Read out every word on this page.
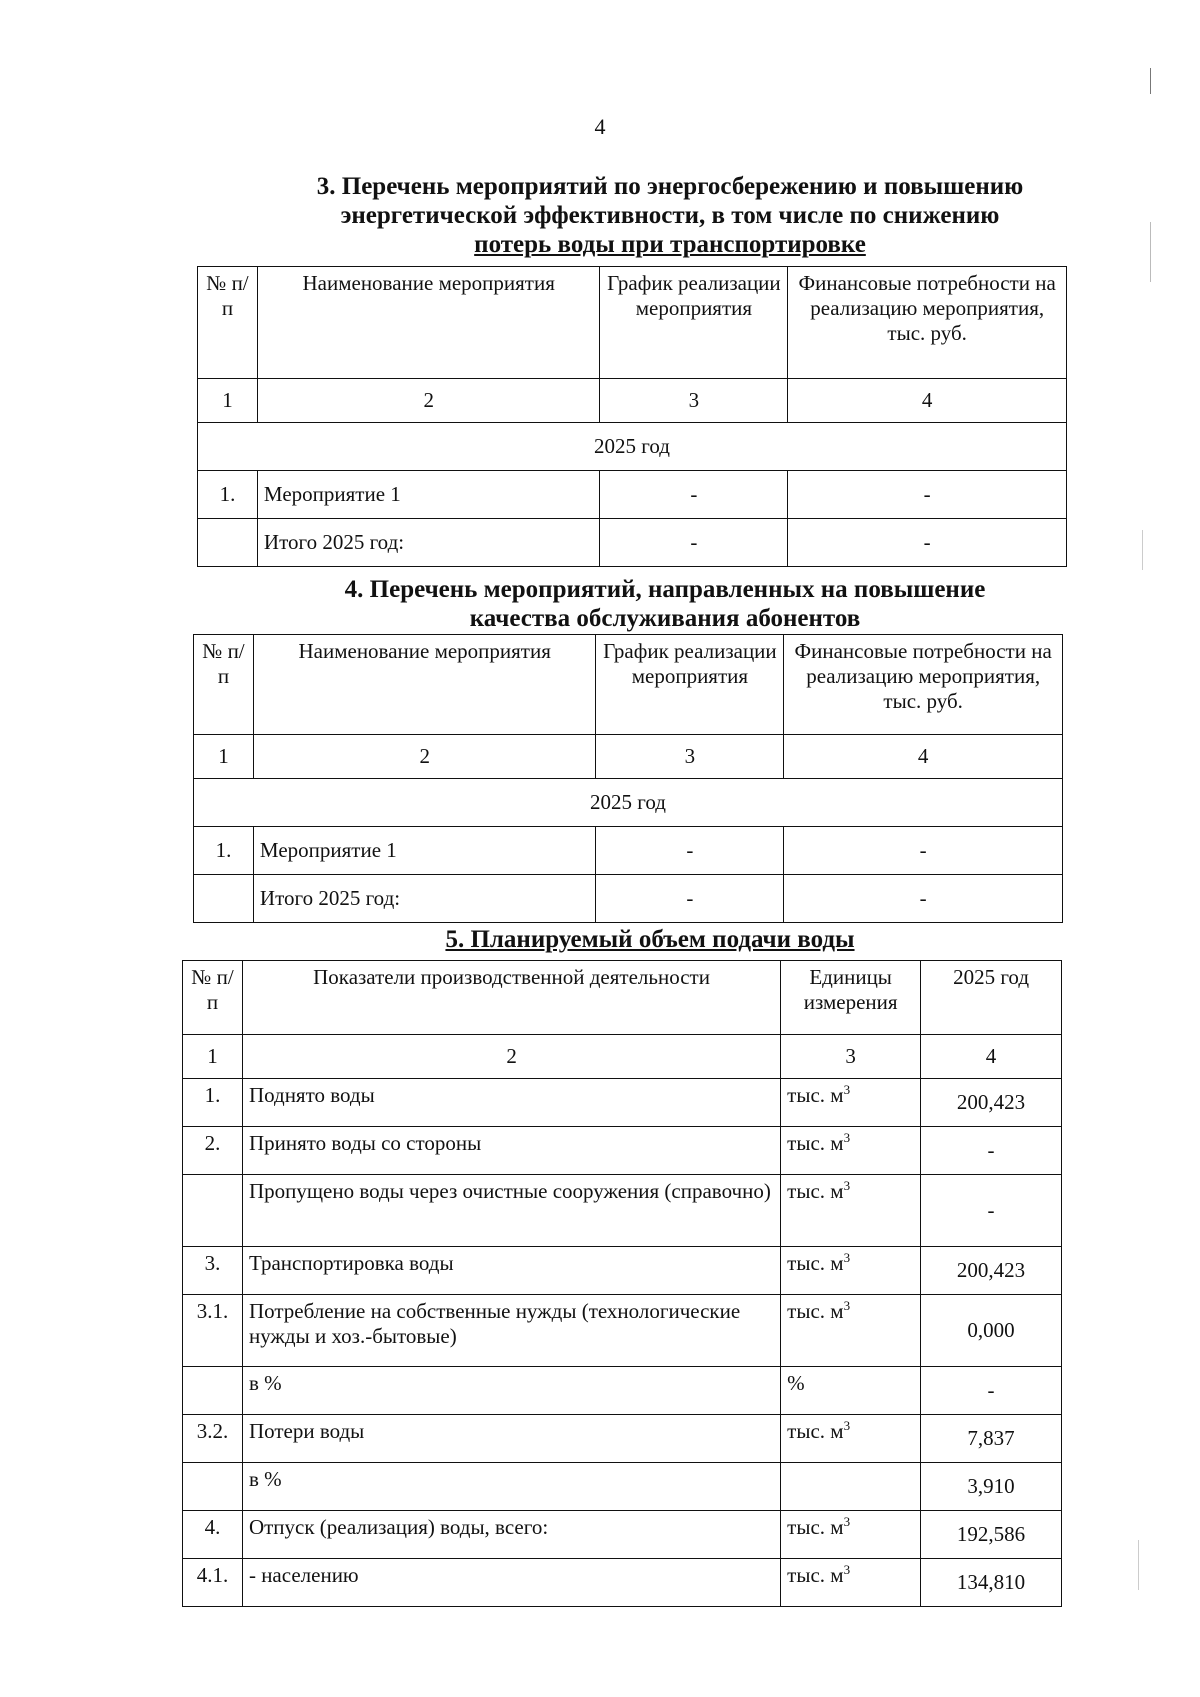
4
3. Перечень мероприятий по энергосбережению и повышению
энергетической эффективности, в том числе по снижению
потерь воды при транспортировке
№ п/п	Наименование мероприятия	График реализации мероприятия	Финансовые потребности на реализацию мероприятия, тыс. руб.
1	2	3	4
2025 год			
1.	Мероприятие 1	-	-
	Итого 2025 год:	-	-
4. Перечень мероприятий, направленных на повышение
качества обслуживания абонентов
№ п/п	Наименование мероприятия	График реализации мероприятия	Финансовые потребности на реализацию мероприятия, тыс. руб.
1	2	3	4
2025 год			
1.	Мероприятие 1	-	-
	Итого 2025 год:	-	-
5. Планируемый объем подачи воды
№ п/п	Показатели производственной деятельности	Единицы измерения	2025 год
1	2	3	4
1.	Поднято воды	тыс. $м^3$	200,423
2.	Принято воды со стороны	тыс. $м^3$	-
	Пропущено воды через очистные сооружения (справочно)	тыс. $м^3$	-
3.	Транспортировка воды	тыс. $м^3$	200,423
3.1.	Потребление на собственные нужды (технологические нужды и хоз.-бытовые)	тыс. $м^3$	0,000
	в %	%	-
3.2.	Потери воды	тыс. $м^3$	7,837
	в %		3,910
4.	Отпуск (реализация) воды, всего:	тыс. $м^3$	192,586
4.1.	- населению	тыс. $м^3$	134,810
